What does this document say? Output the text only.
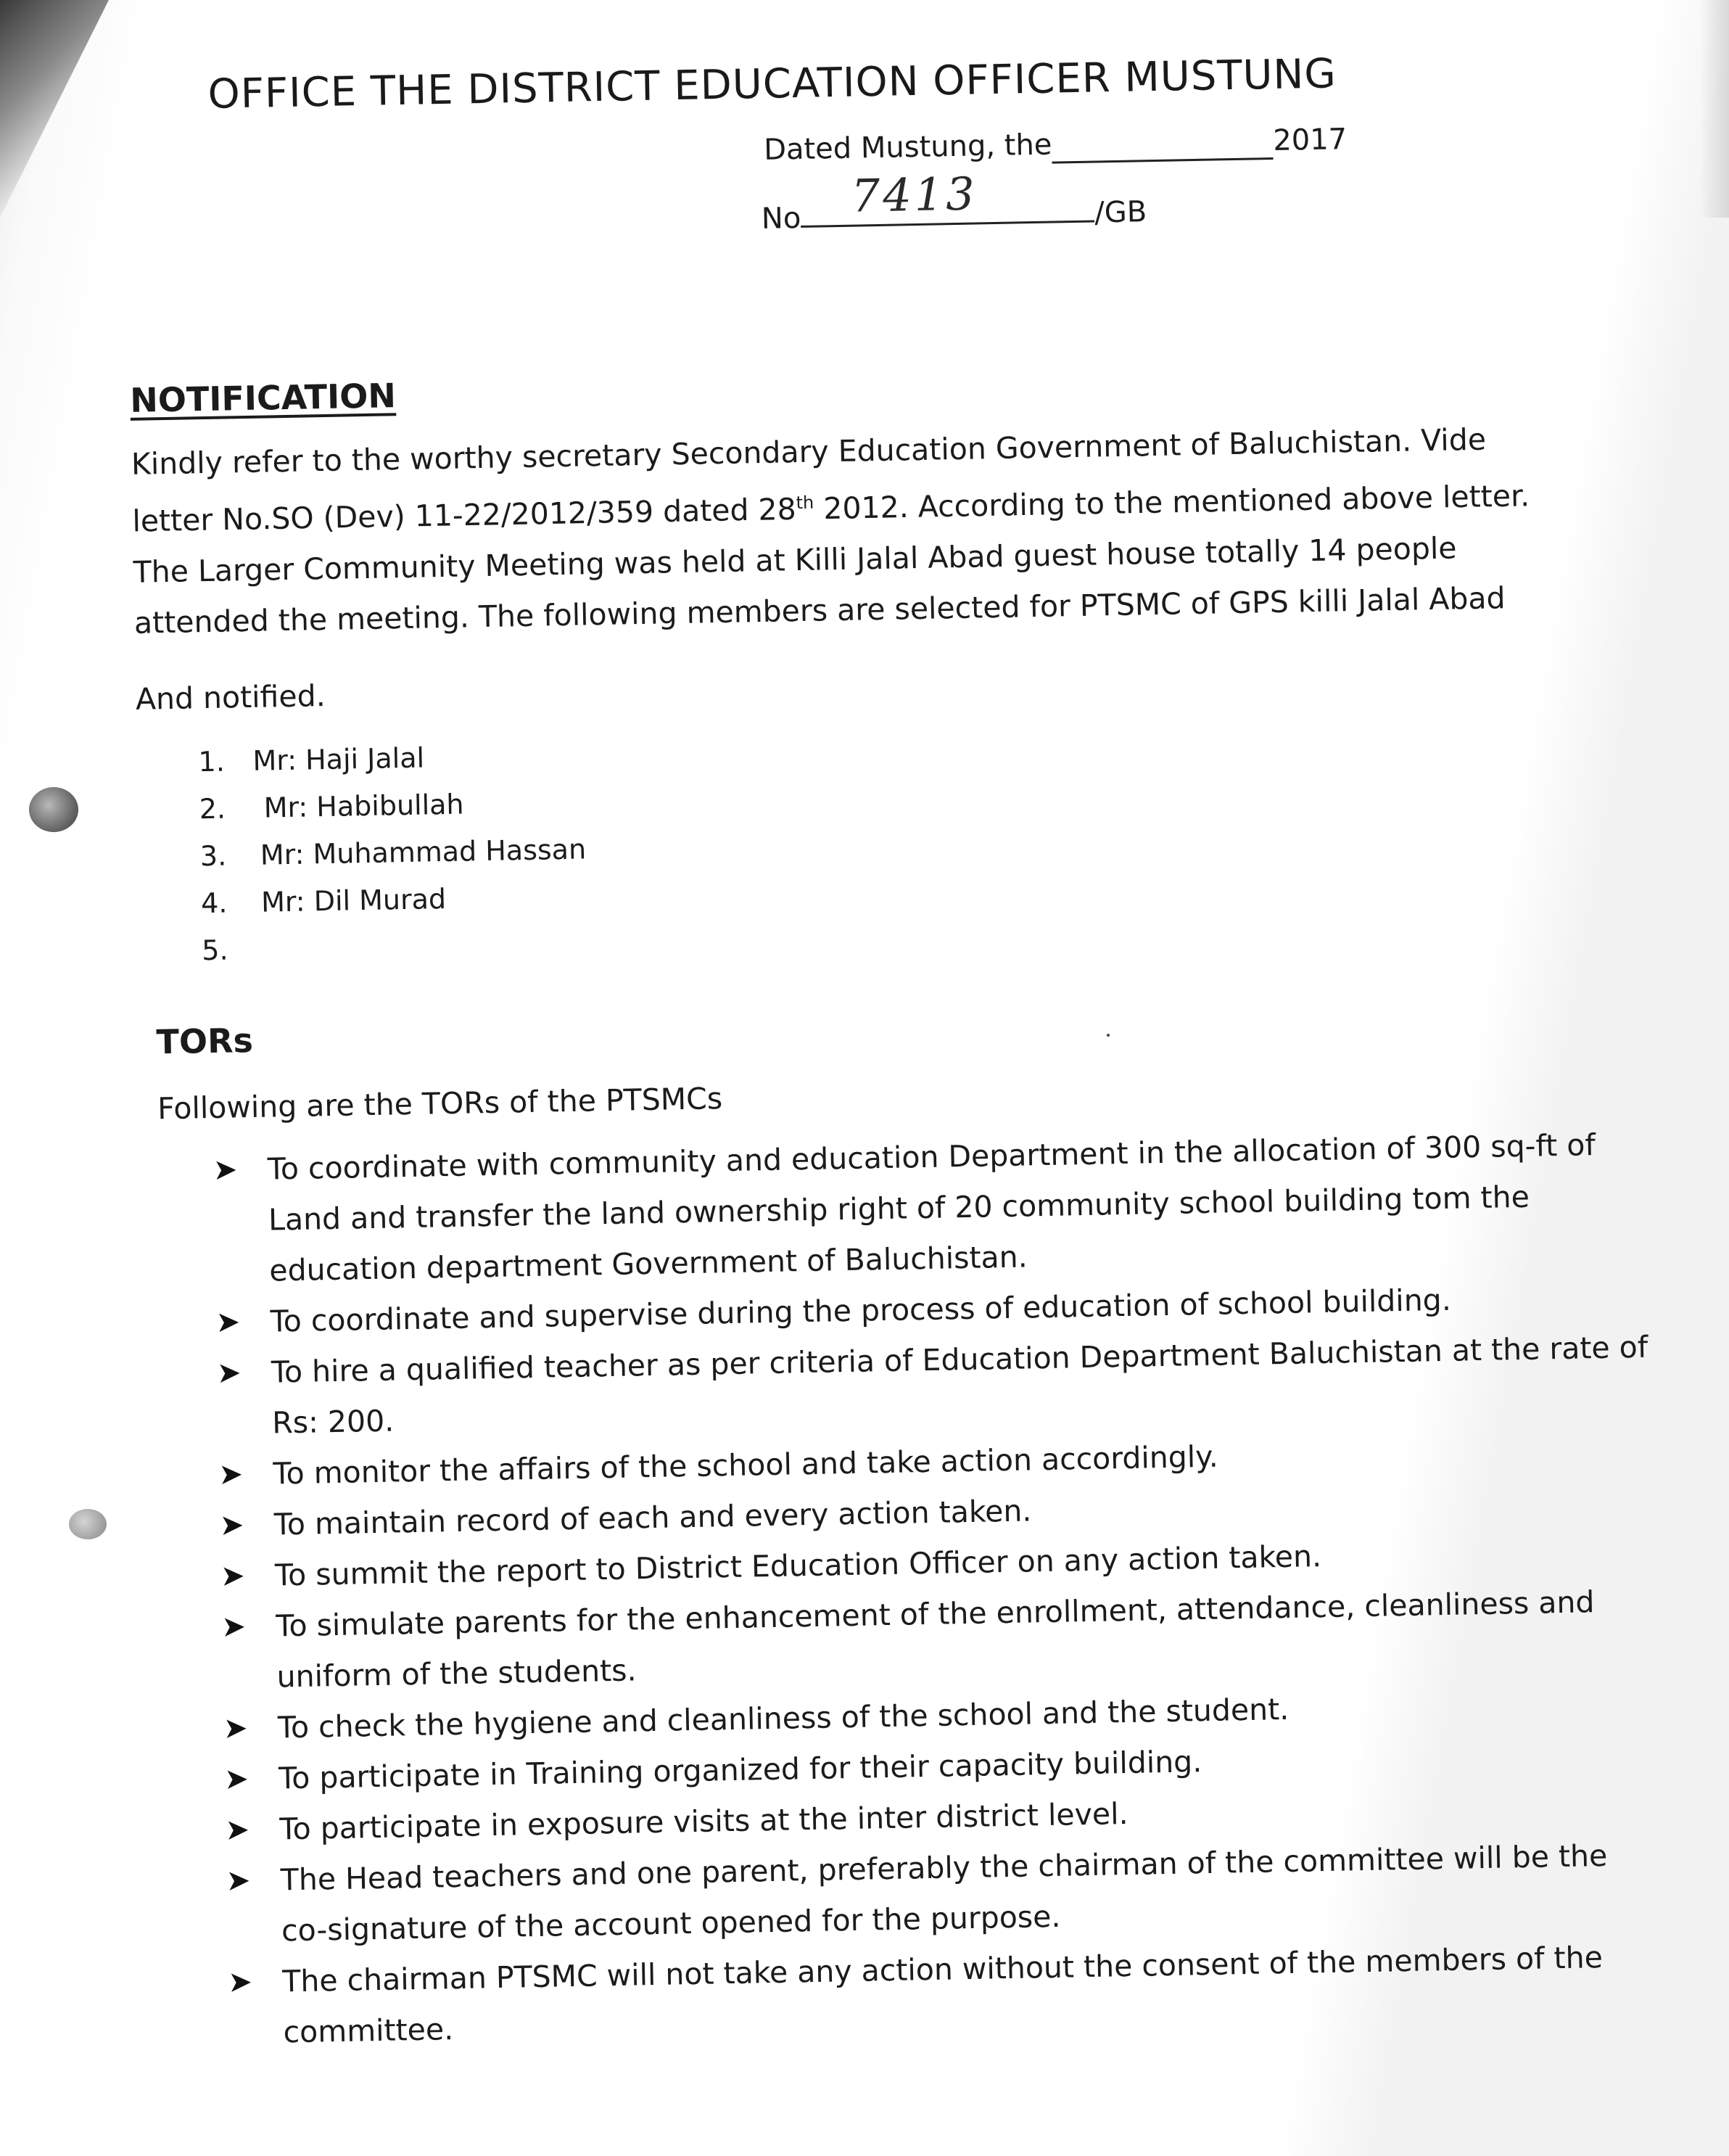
OFFICE THE DISTRICT EDUCATION OFFICER MUSTUNG
Dated Mustung, the	2017
No 7413	/GB
NOTIFICATION

Kindly refer to the worthy secretary Secondary Education Government of Baluchistan. Vide

letter No.SO (Dev) 11-22/2012/359 dated 28th 2012. According to the mentioned above letter.

The Larger Community Meeting was held at Killi Jalal Abad guest house totally 14 people

attended the meeting. The following members are selected for PTSMC of GPS killi Jalal Abad

And notified.
1. Mr: Haji Jalal
2. Mr: Habibullah
3. Mr: Muhammad Hassan
4. Mr: Dil Murad
5.
TORs
Following are the TORs of the PTSMCs
➤ To coordinate with community and education Department in the allocation of 300 sq-ft of Land and transfer the land ownership right of 20 community school building tom the education department Government of Baluchistan.
➤ To coordinate and supervise during the process of education of school building.
➤ To hire a qualified teacher as per criteria of Education Department Baluchistan at the rate of Rs: 200.
➤ To monitor the affairs of the school and take action accordingly.
➤ To maintain record of each and every action taken.
➤ To summit the report to District Education Officer on any action taken.
➤ To simulate parents for the enhancement of the enrollment, attendance, cleanliness and uniform of the students.
➤ To check the hygiene and cleanliness of the school and the student.
➤ To participate in Training organized for their capacity building.
➤ To participate in exposure visits at the inter district level.
➤ The Head teachers and one parent, preferably the chairman of the committee will be the co-signature of the account opened for the purpose.
➤ The chairman PTSMC will not take any action without the consent of the members of the committee.
